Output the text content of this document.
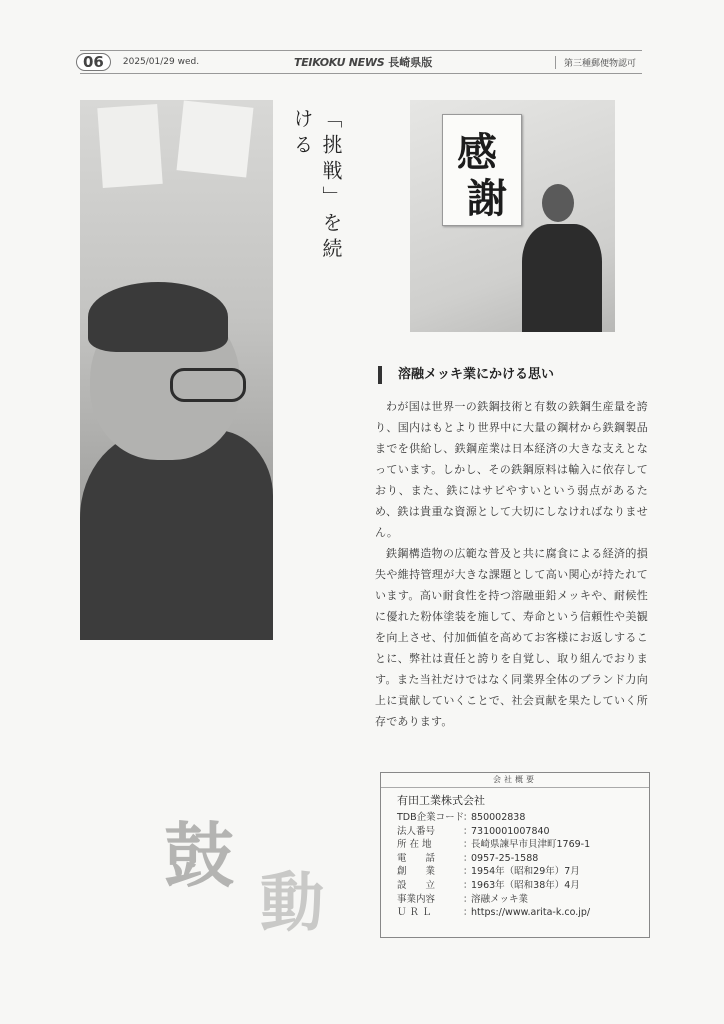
06	2025/01/29 wed.	TEIKOKU NEWS 長崎県版	第三種郵便物認可
「挑戦」を続ける	感
謝
溶融メッキ業にかける思い

わが国は世界一の鉄鋼技術と有数の鉄鋼生産量を誇り、国内はもとより世界中に大量の鋼材から鉄鋼製品までを供給し、鉄鋼産業は日本経済の大きな支えとなっています。しかし、その鉄鋼原料は輸入に依存しており、また、鉄にはサビやすいという弱点があるため、鉄は貴重な資源として大切にしなければなりません。

鉄鋼構造物の広範な普及と共に腐食による経済的損失や維持管理が大きな課題として高い関心が持たれています。高い耐食性を持つ溶融亜鉛メッキや、耐候性に優れた粉体塗装を施して、寿命という信頼性や美観を向上させ、付加価値を高めてお客様にお返しすることに、弊社は責任と誇りを自覚し、取り組んでおります。また当社だけではなく同業界全体のブランド力向上に貢献していくことで、社会貢献を果たしていく所存であります。

会社概要
有田工業株式会社
TDB企業コード
：
850002838
法人番号	：
7310001007840
所 在 地	：
長崎県諫早市貝津町1769-1
電　　話	：
0957-25-1588
創　　業	：
1954年（昭和29年）7月
設　　立	：
1963年（昭和38年）4月
事業内容	：
溶融メッキ業
Ｕ Ｒ Ｌ	：
https://www.arita-k.co.jp/
鼓
動
